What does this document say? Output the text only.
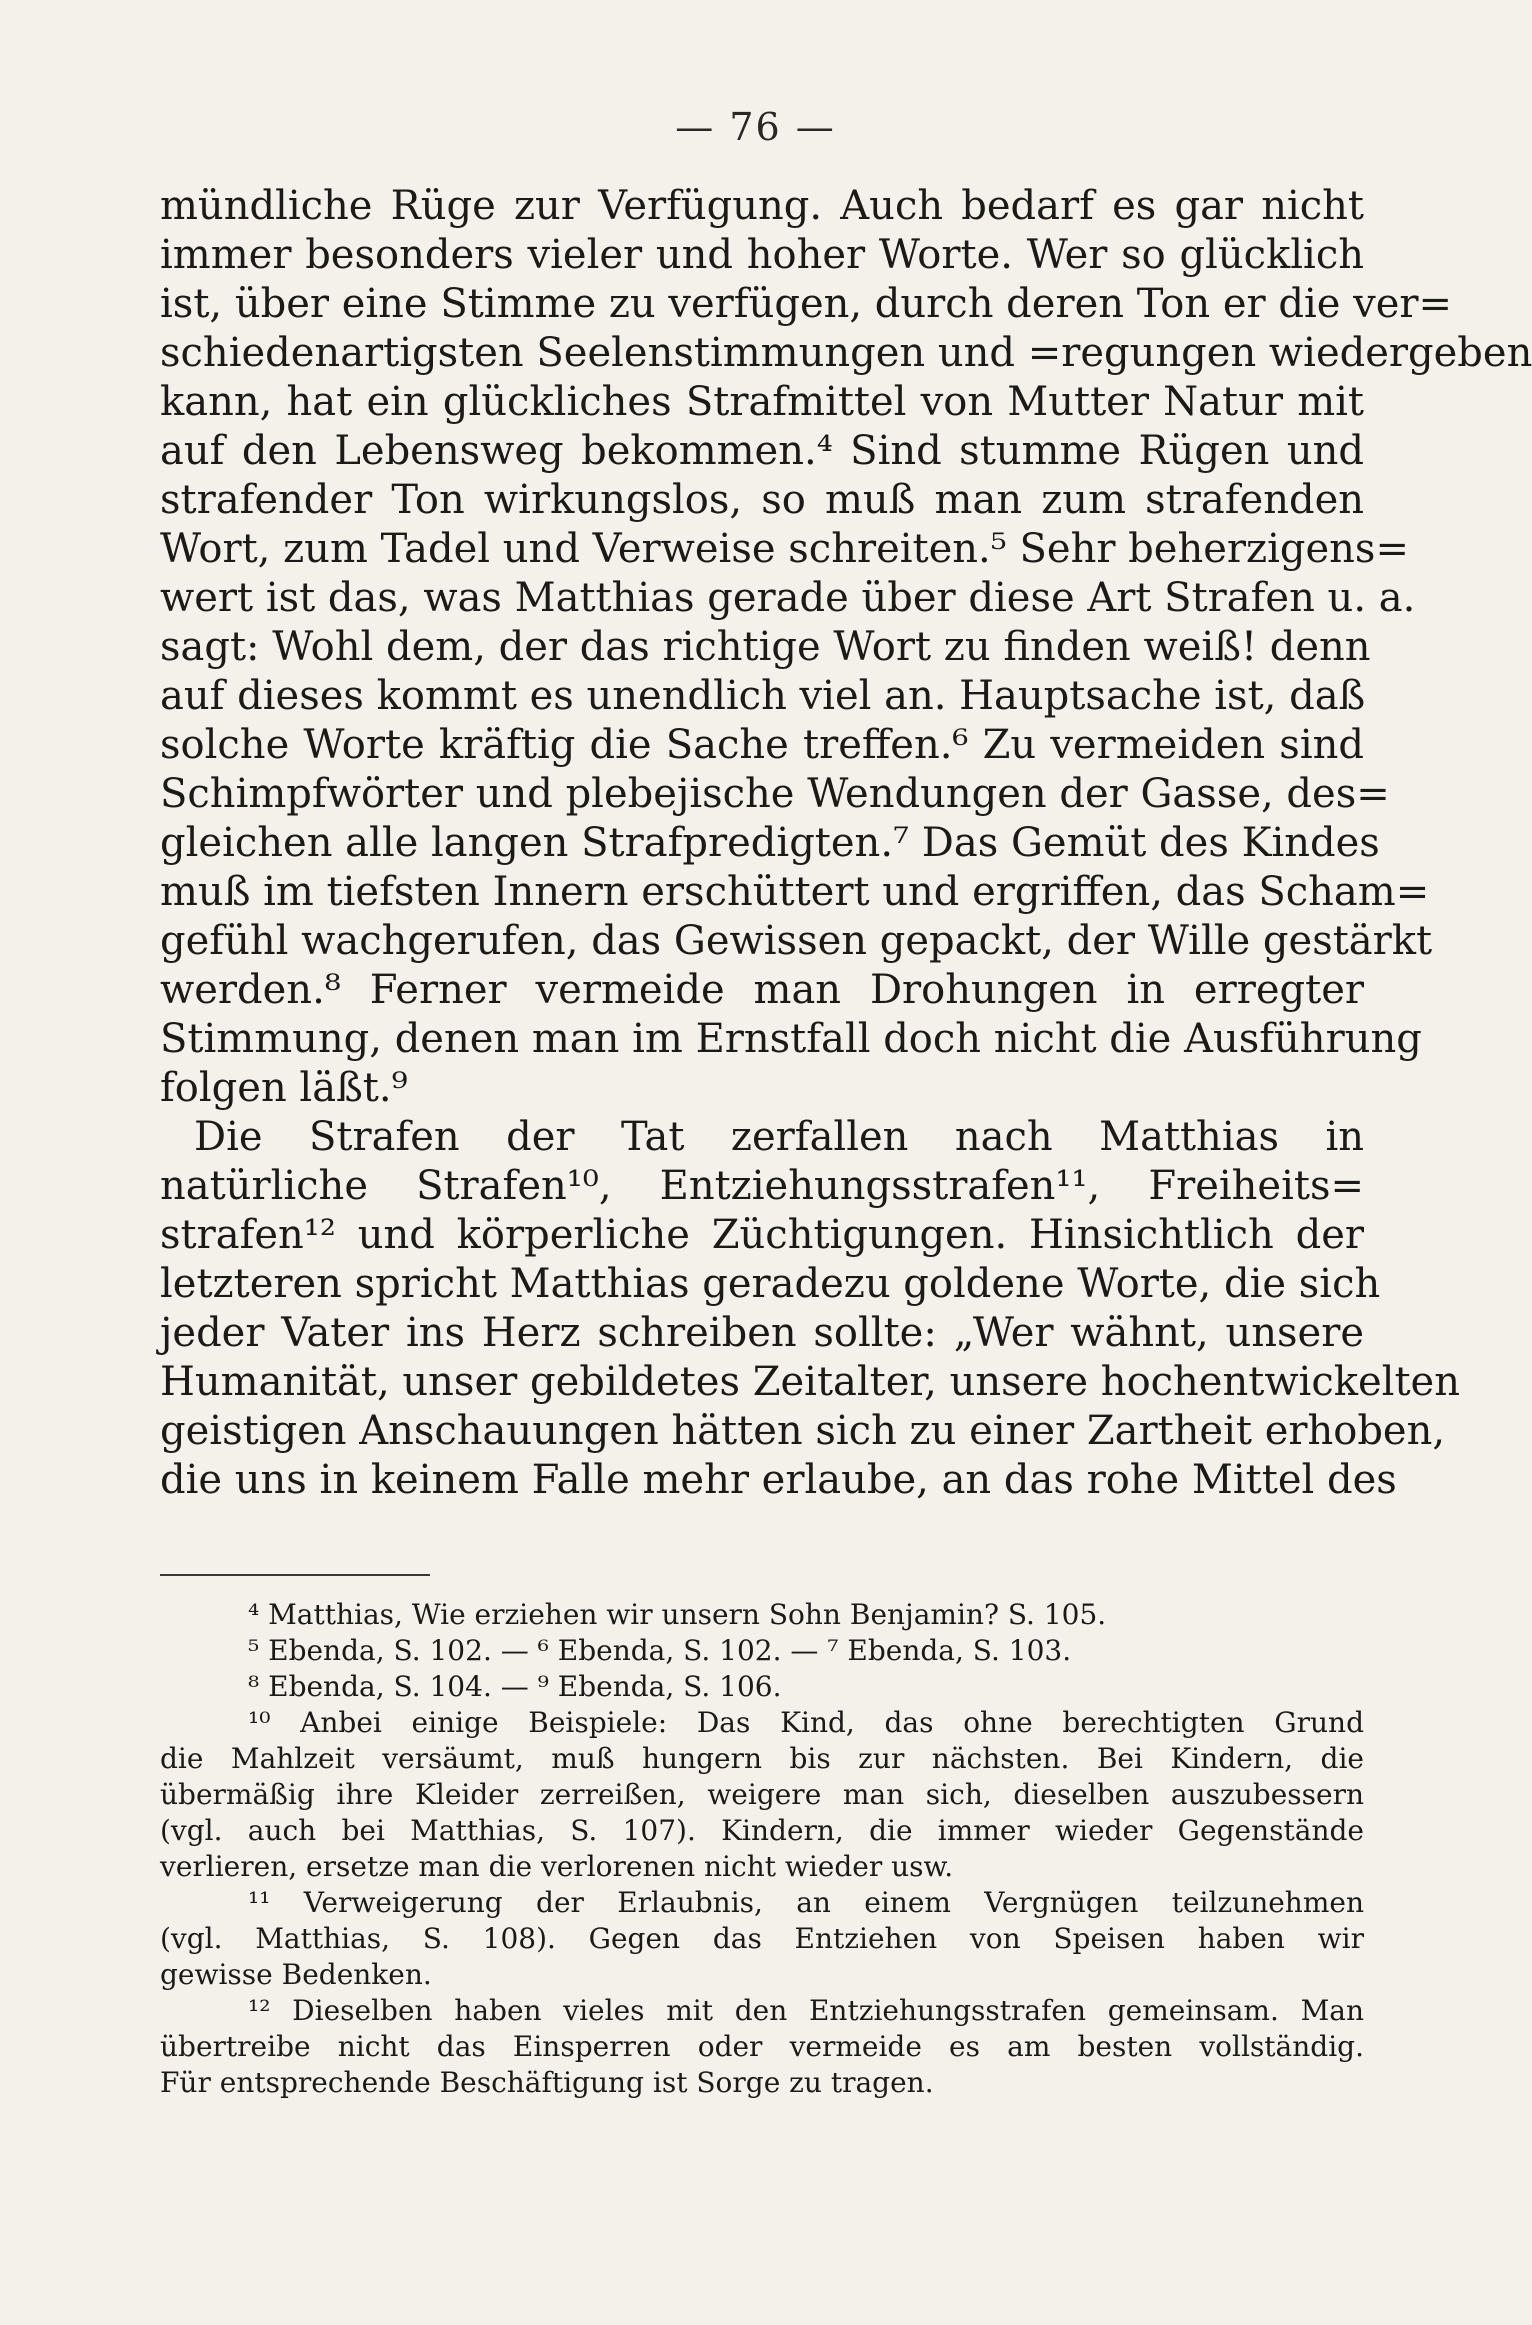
— 76 —
mündliche Rüge zur Verfügung. Auch bedarf es gar nicht
immer besonders vieler und hoher Worte. Wer so glücklich
ist, über eine Stimme zu verfügen, durch deren Ton er die ver=
schiedenartigsten Seelenstimmungen und =regungen wiedergeben
kann, hat ein glückliches Strafmittel von Mutter Natur mit
auf den Lebensweg bekommen.⁴ Sind stumme Rügen und
strafender Ton wirkungslos, so muß man zum strafenden
Wort, zum Tadel und Verweise schreiten.⁵ Sehr beherzigens=
wert ist das, was Matthias gerade über diese Art Strafen u. a.
sagt: Wohl dem, der das richtige Wort zu finden weiß! denn
auf dieses kommt es unendlich viel an. Hauptsache ist, daß
solche Worte kräftig die Sache treffen.⁶ Zu vermeiden sind
Schimpfwörter und plebejische Wendungen der Gasse, des=
gleichen alle langen Strafpredigten.⁷ Das Gemüt des Kindes
muß im tiefsten Innern erschüttert und ergriffen, das Scham=
gefühl wachgerufen, das Gewissen gepackt, der Wille gestärkt
werden.⁸ Ferner vermeide man Drohungen in erregter
Stimmung, denen man im Ernstfall doch nicht die Ausführung
folgen läßt.⁹
Die Strafen der Tat zerfallen nach Matthias in
natürliche Strafen¹⁰, Entziehungsstrafen¹¹, Freiheits=
strafen¹² und körperliche Züchtigungen. Hinsichtlich der
letzteren spricht Matthias geradezu goldene Worte, die sich
jeder Vater ins Herz schreiben sollte: „Wer wähnt, unsere
Humanität, unser gebildetes Zeitalter, unsere hochentwickelten
geistigen Anschauungen hätten sich zu einer Zartheit erhoben,
die uns in keinem Falle mehr erlaube, an das rohe Mittel des
⁴ Matthias, Wie erziehen wir unsern Sohn Benjamin? S. 105.
⁵ Ebenda, S. 102. — ⁶ Ebenda, S. 102. — ⁷ Ebenda, S. 103.
⁸ Ebenda, S. 104. — ⁹ Ebenda, S. 106.
¹⁰ Anbei einige Beispiele: Das Kind, das ohne berechtigten Grund
die Mahlzeit versäumt, muß hungern bis zur nächsten. Bei Kindern, die
übermäßig ihre Kleider zerreißen, weigere man sich, dieselben auszubessern
(vgl. auch bei Matthias, S. 107). Kindern, die immer wieder Gegenstände
verlieren, ersetze man die verlorenen nicht wieder usw.
¹¹ Verweigerung der Erlaubnis, an einem Vergnügen teilzunehmen
(vgl. Matthias, S. 108). Gegen das Entziehen von Speisen haben wir
gewisse Bedenken.
¹² Dieselben haben vieles mit den Entziehungsstrafen gemeinsam. Man
übertreibe nicht das Einsperren oder vermeide es am besten vollständig.
Für entsprechende Beschäftigung ist Sorge zu tragen.
